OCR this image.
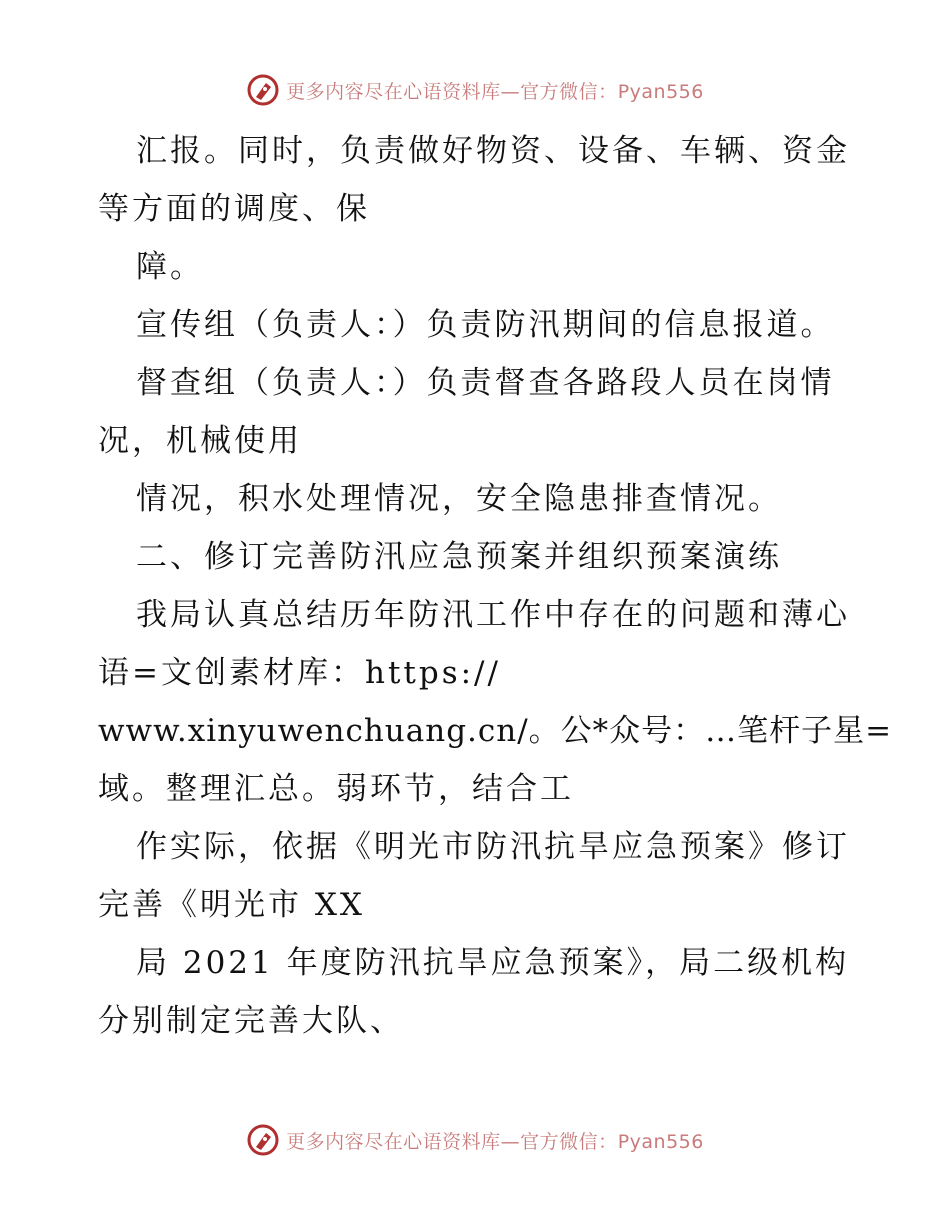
更多内容尽在心语资料库—官方微信：Pyan556
汇报。同时，负责做好物资、设备、车辆、资金
等方面的调度、保
障。
宣传组（负责人：）负责防汛期间的信息报道。
督查组（负责人：）负责督查各路段人员在岗情
况，机械使用
情况，积水处理情况，安全隐患排查情况。
二、修订完善防汛应急预案并组织预案演练
我局认真总结历年防汛工作中存在的问题和薄心
语=文创素材库：https://
www.xinyuwenchuang.cn/。公*众号：…笔杆子星=
域。整理汇总。弱环节，结合工
作实际，依据《明光市防汛抗旱应急预案》修订
完善《明光市 XX
局 2021 年度防汛抗旱应急预案》，局二级机构
分别制定完善大队、
更多内容尽在心语资料库—官方微信：Pyan556
